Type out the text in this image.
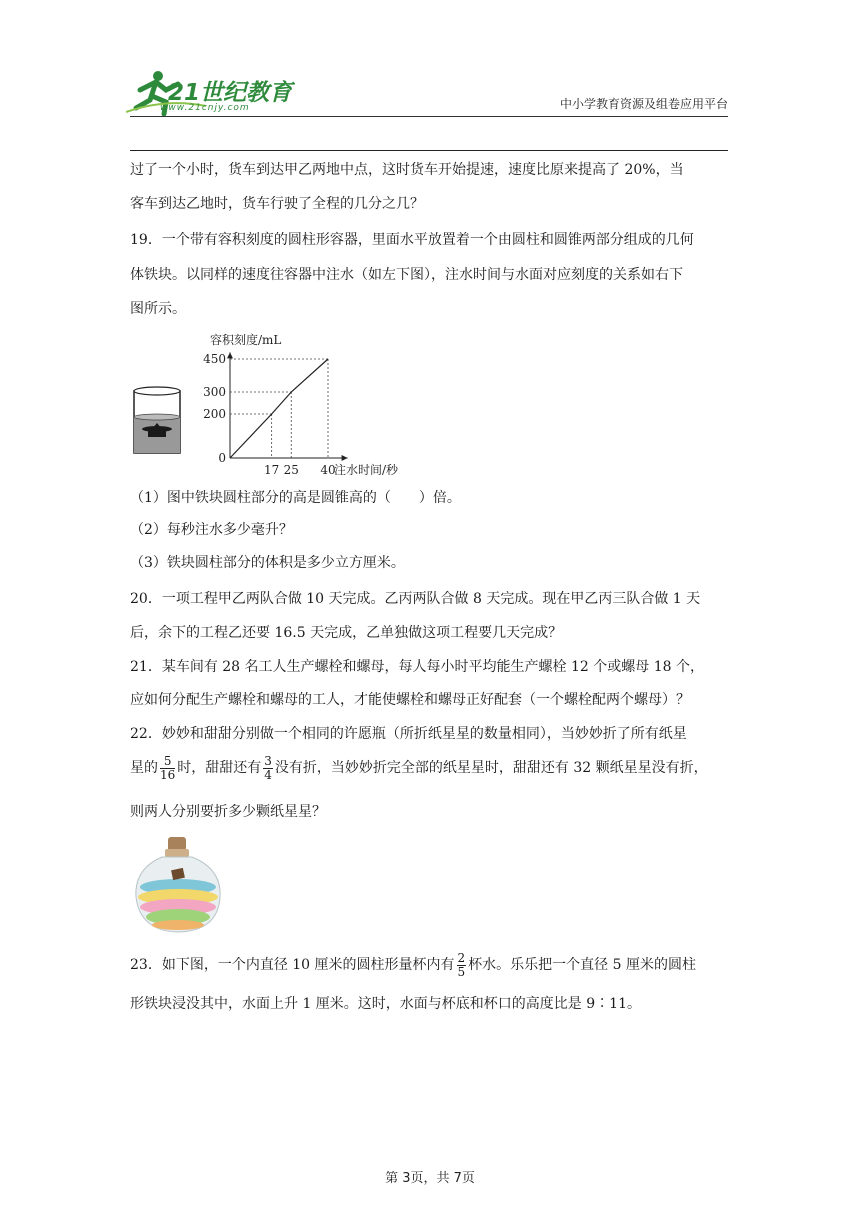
21世纪教育
www.21cnjy.com	中小学教育资源及组卷应用平台
过了一个小时，货车到达甲乙两地中点，这时货车开始提速，速度比原来提高了 20%，当
客车到达乙地时，货车行驶了全程的几分之几？
19．一个带有容积刻度的圆柱形容器，里面水平放置着一个由圆柱和圆锥两部分组成的几何
体铁块。以同样的速度往容器中注水（如左下图），注水时间与水面对应刻度的关系如右下
图所示。
0
200
300
450
17 25 40
注水时间/秒
容积刻度/mL
（1）图中铁块圆柱部分的高是圆锥高的（　　）倍。
（2）每秒注水多少毫升？
（3）铁块圆柱部分的体积是多少立方厘米。
20．一项工程甲乙两队合做 10 天完成。乙丙两队合做 8 天完成。现在甲乙丙三队合做 1 天
后，余下的工程乙还要 16.5 天完成，乙单独做这项工程要几天完成？
21．某车间有 28 名工人生产螺栓和螺母，每人每小时平均能生产螺栓 12 个或螺母 18 个，
应如何分配生产螺栓和螺母的工人，才能使螺栓和螺母正好配套（一个螺栓配两个螺母）？
22．妙妙和甜甜分别做一个相同的许愿瓶（所折纸星星的数量相同），当妙妙折了所有纸星
星的 $\frac{5}{16}$ 时，甜甜还有 $\frac{3}{4}$ 没有折，当妙妙折完全部的纸星星时，甜甜还有 32 颗纸星星没有折，
则两人分别要折多少颗纸星星？
23．如下图，一个内直径 10 厘米的圆柱形量杯内有 $\frac{2}{5}$ 杯水。乐乐把一个直径 5 厘米的圆柱
形铁块浸没其中，水面上升 1 厘米。这时，水面与杯底和杯口的高度比是 9∶11。
第 3页，共 7页
